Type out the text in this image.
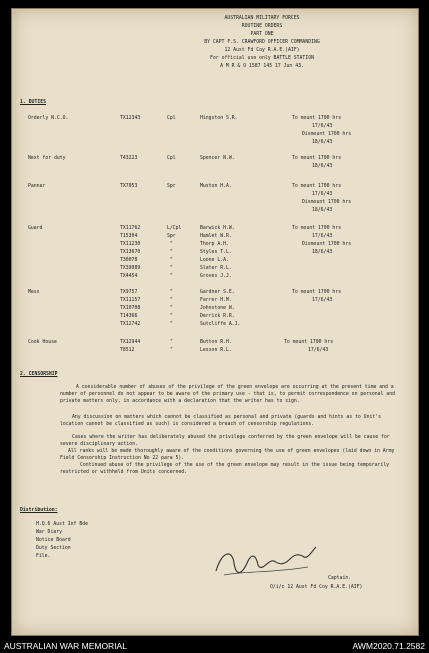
AUSTRALIAN MILITARY FORCES
ROUTINE ORDERS
PART ONE
BY CAPT F.S. CRAWFORD OFFICER COMMANDING
12 Aust Fd Coy R.A.E.(AIF)
For official use only BATTLE STATION
A M R & O 1587 145 17 Jun 43.
1. DUTIES
Orderly N.C.O.	TX12343	Cpl	Hingston S.R.	To mount 1700 hrs
17/6/43
Dismount 1700 hrs
18/6/43
Next for duty	T43223	Cpl	Spencer N.W.	To mount 1700 hrs
18/6/43
Pannar	TX7053	Spr	Muston H.A.	To mount 1700 hrs
17/6/43
Dismount 1700 hrs
18/6/43
Guard	TX11762	L/Cpl	Barwick H.W.
T15304	Spr	Hamlet W.R.
TX11230	"	Thorp A.H.
TX13670	"	Styles T.L.
T30078	"	Loone L.A.
TX39089	"	Slater R.L.
TX4454	"	Groves J.J.
To mount 1700 hrs
17/6/43
Dismount 1700 hrs
18/6/43
Mess	TX9757	"	Gardner S.E.
TX11157	"	Farrer H.M.
TX10708	"	Johnstone W.
T14366	"	Derrick R.R.
TX12742	"	Sutcliffe A.J.
To mount 1700 hrs
17/6/43
Cook House	TX12944	"	Button R.H.
T8512	"	Lesson R.L.
To mount 1700 hrs
17/6/43
2. CENSORSHIP
A considerable number of abuses of the privilege of the green envelope are occurring at the present time and a number of personnel do not appear to be aware of the primary use - that is, to permit correspondence on personal and private matters only, in accordance with a declaration that the writer has to sign.
Any discussion on matters which cannot be classified as personal and private (guards and hints as to Unit's location cannot be classified as such) is considered a breach of censorship regulations.
Cases where the writer has deliberately abused the privilege conferred by the green envelope will be cause for severe disciplinary action.
All ranks will be made thoroughly aware of the conditions governing the use of green envelopes (laid down in Army Field Censorship Instruction No 22 para 5).
Continued abuse of the privilege of the use of the green envelope may result in the issue being temporarily restricted or withheld from Units concerned.
Distribution:
H.Q.6 Aust Inf Bde
War Diary
Notice Board
Duty Section
File.
Captain.
O/i/c 12 Aust Fd Coy R.A.E.(AIF)
AUSTRALIAN WAR MEMORIAL	AWM2020.71.2582
